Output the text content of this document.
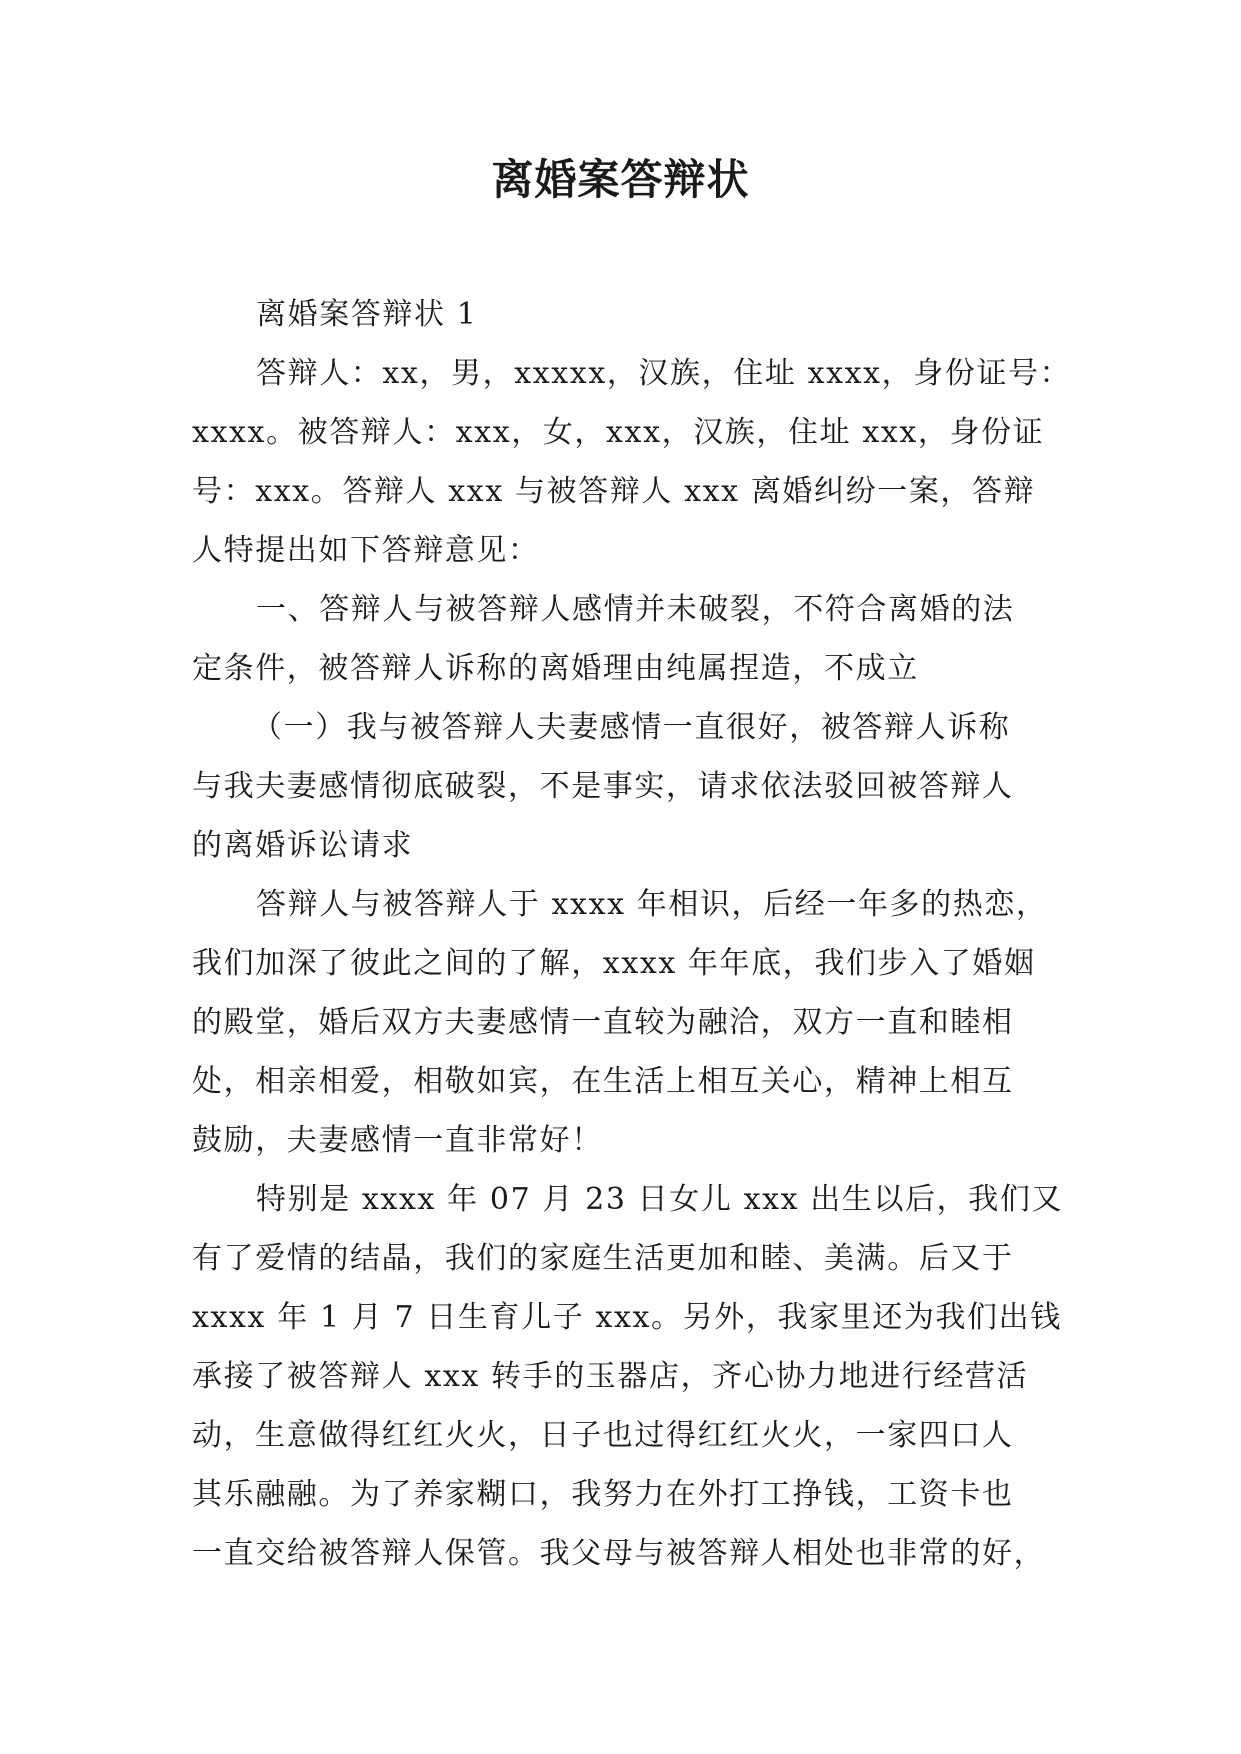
离婚案答辩状

离婚案答辩状 1

答辩人：xx，男，xxxxx，汉族，住址 xxxx，身份证号：

xxxx。被答辩人：xxx，女，xxx，汉族，住址 xxx，身份证

号：xxx。答辩人 xxx 与被答辩人 xxx 离婚纠纷一案，答辩

人特提出如下答辩意见：

一、答辩人与被答辩人感情并未破裂，不符合离婚的法

定条件，被答辩人诉称的离婚理由纯属捏造，不成立

（一）我与被答辩人夫妻感情一直很好，被答辩人诉称

与我夫妻感情彻底破裂，不是事实，请求依法驳回被答辩人

的离婚诉讼请求

答辩人与被答辩人于 xxxx 年相识，后经一年多的热恋，

我们加深了彼此之间的了解，xxxx 年年底，我们步入了婚姻

的殿堂，婚后双方夫妻感情一直较为融洽，双方一直和睦相

处，相亲相爱，相敬如宾，在生活上相互关心，精神上相互

鼓励，夫妻感情一直非常好！

特别是 xxxx 年 07 月 23 日女儿 xxx 出生以后，我们又

有了爱情的结晶，我们的家庭生活更加和睦、美满。后又于

xxxx 年 1 月 7 日生育儿子 xxx。另外，我家里还为我们出钱

承接了被答辩人 xxx 转手的玉器店，齐心协力地进行经营活

动，生意做得红红火火，日子也过得红红火火，一家四口人

其乐融融。为了养家糊口，我努力在外打工挣钱，工资卡也

一直交给被答辩人保管。我父母与被答辩人相处也非常的好，
